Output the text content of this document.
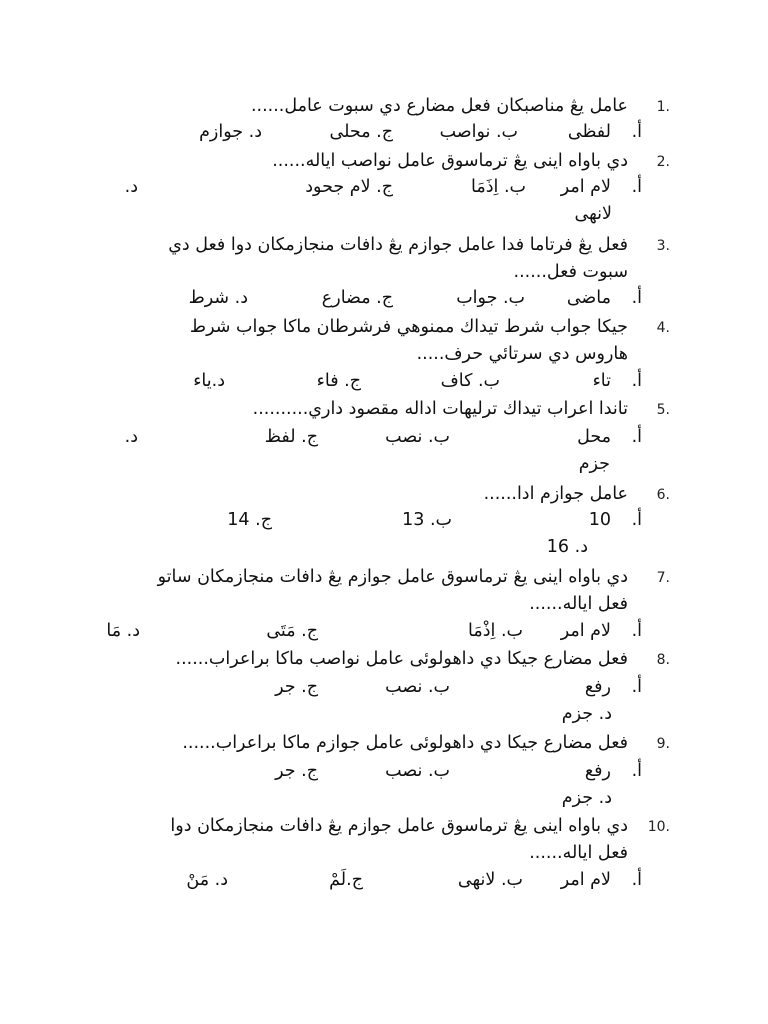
1.

عامل يڠ مناصبکان فعل مضارع دي سبوت عامل......

أ.
لفظى
ب. نواصب
ج. محلى
د. جوازم
2.

دي باواه اينى يڠ ترماسوق عامل نواصب اياله......

أ.
لام امر
ب. اِذَمَا
ج. لام جحود
د.
لانهى
3.

فعل يڠ فرتاما فدا عامل جوازم يڠ دافات منجازمکان دوا فعل دي

سبوت فعل......

أ.
ماضى
ب. جواب
ج. مضارع
د. شرط
4.

جيکا جواب شرط تيداك ممنوهي فرشرطان ماكا جواب شرط

هاروس دي سرتائي حرف.....

أ.
تاء
ب. كاف
ج. فاء
د.ياء
5.

تاندا اعراب تيداك ترليهات اداله مقصود داري..........

أ.
محل
ب. نصب
ج. لفظ
د.
جزم
6.

عامل جوازم ادا......

أ.
10
ب. 13
ج. 14
د. 16
7.

دي باواه اينى يڠ ترماسوق عامل جوازم يڠ دافات منجازمکان ساتو

فعل اياله......

أ.
لام امر
ب. اِذْمَا
ج. مَتَى
د. مَا
8.

فعل مضارع جيکا دي داهولوئى عامل نواصب ماكا براعراب......

أ.
رفع
ب. نصب
ج. جر
د. جزم
9.

فعل مضارع جيکا دي داهولوئى عامل جوازم ماكا براعراب......

أ.
رفع
ب. نصب
ج. جر
د. جزم
10.

دي باواه اينى يڠ ترماسوق عامل جوازم يڠ دافات منجازمکان دوا

فعل اياله......

أ.
لام امر
ب. لانهى
ج.لَمْ
د. مَنْ
